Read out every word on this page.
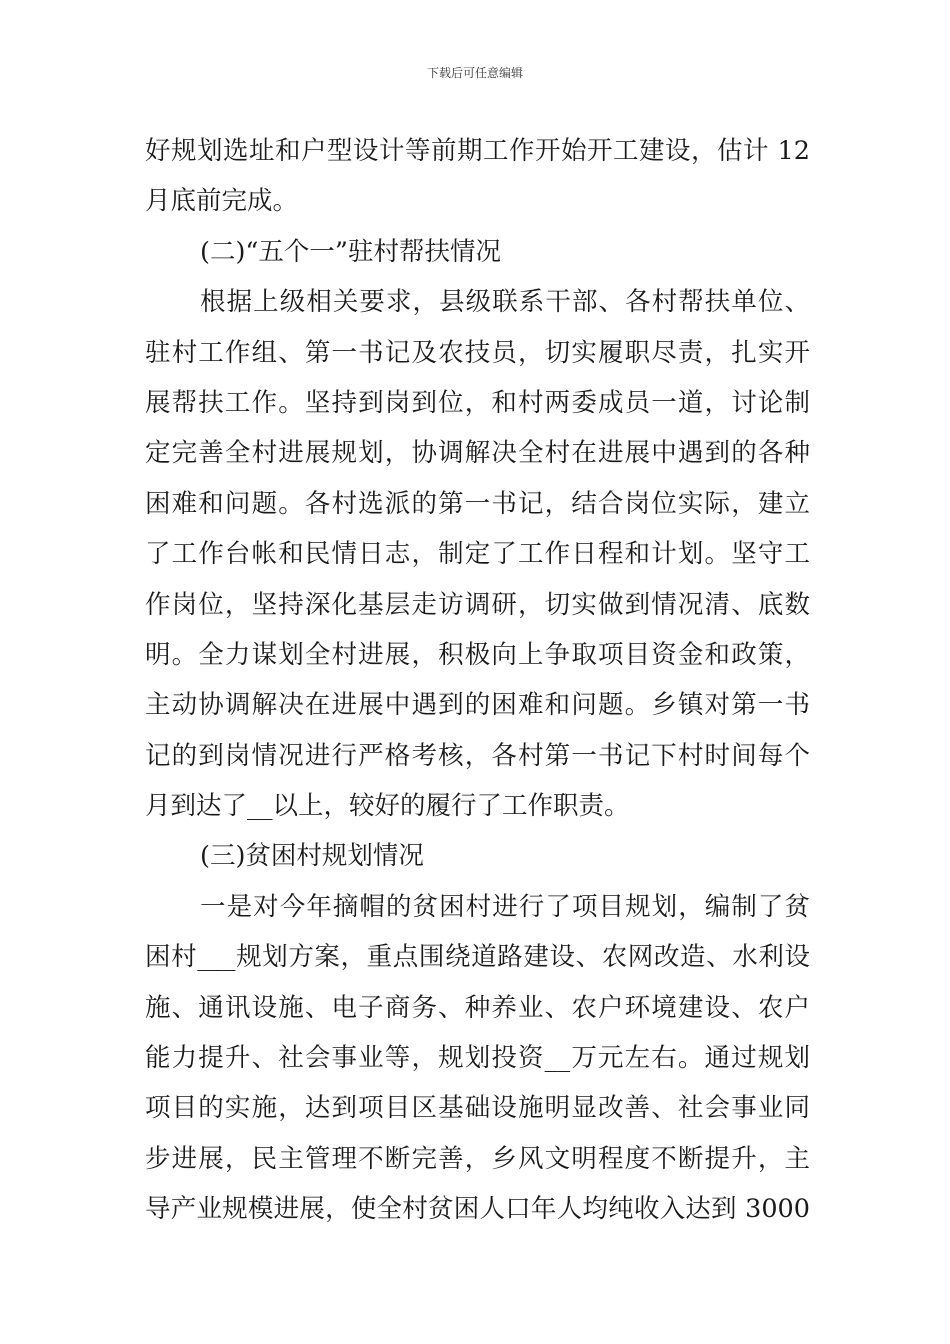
下载后可任意编辑
好规划选址和户型设计等前期工作开始开工建设，估计 12
月底前完成。
(二)“五个一”驻村帮扶情况
根据上级相关要求，县级联系干部、各村帮扶单位、
驻村工作组、第一书记及农技员，切实履职尽责，扎实开
展帮扶工作。坚持到岗到位，和村两委成员一道，讨论制
定完善全村进展规划，协调解决全村在进展中遇到的各种
困难和问题。各村选派的第一书记，结合岗位实际，建立
了工作台帐和民情日志，制定了工作日程和计划。坚守工
作岗位，坚持深化基层走访调研，切实做到情况清、底数
明。全力谋划全村进展，积极向上争取项目资金和政策，
主动协调解决在进展中遇到的困难和问题。乡镇对第一书
记的到岗情况进行严格考核，各村第一书记下村时间每个
月到达了__以上，较好的履行了工作职责。
(三)贫困村规划情况
一是对今年摘帽的贫困村进行了项目规划，编制了贫
困村___规划方案，重点围绕道路建设、农网改造、水利设
施、通讯设施、电子商务、种养业、农户环境建设、农户
能力提升、社会事业等，规划投资__万元左右。通过规划
项目的实施，达到项目区基础设施明显改善、社会事业同
步进展，民主管理不断完善，乡风文明程度不断提升，主
导产业规模进展，使全村贫困人口年人均纯收入达到 3000
